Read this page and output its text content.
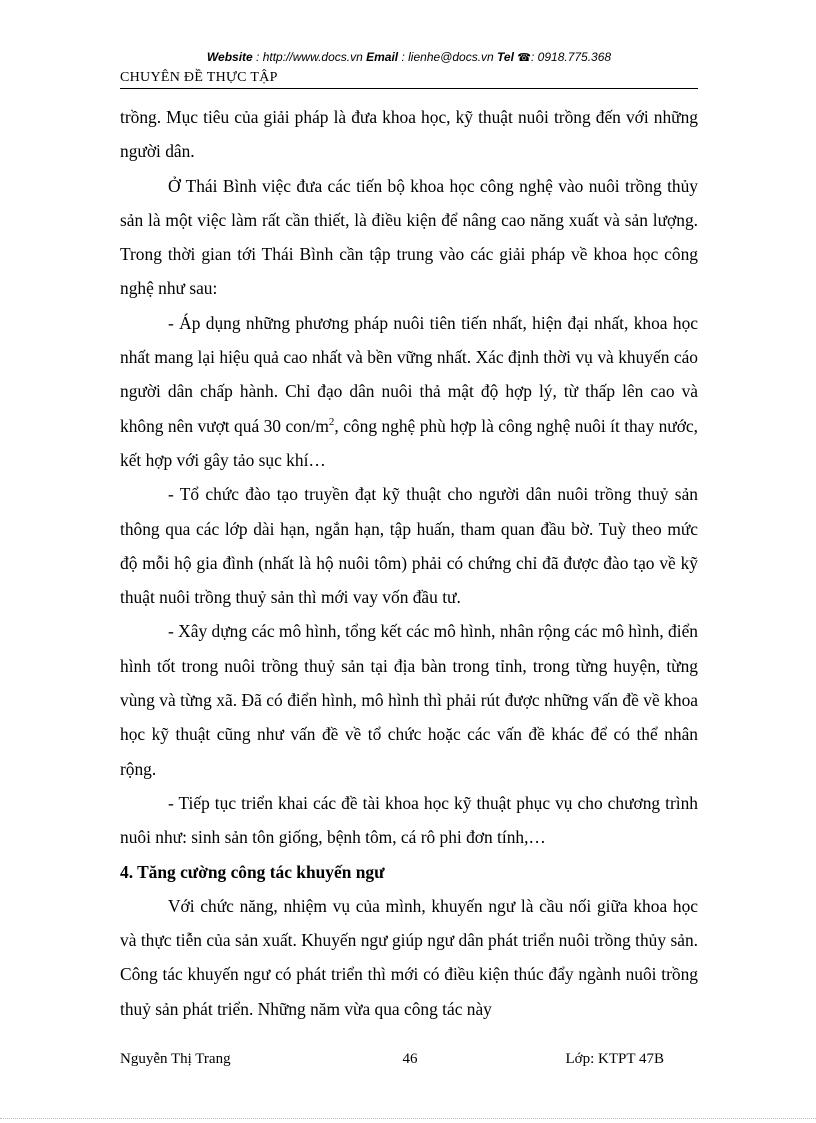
Website : http://www.docs.vn Email : lienhe@docs.vn Tel ☎: 0918.775.368
CHUYÊN ĐỀ THỰC TẬP

trồng. Mục tiêu của giải pháp là đưa khoa học, kỹ thuật nuôi trồng đến với những người dân.

Ở Thái Bình việc đưa các tiến bộ khoa học công nghệ vào nuôi trồng thủy sản là một việc làm rất cần thiết, là điều kiện để nâng cao năng xuất và sản lượng. Trong thời gian tới Thái Bình cần tập trung vào các giải pháp về khoa học công nghệ như sau:

- Áp dụng những phương pháp nuôi tiên tiến nhất, hiện đại nhất, khoa học nhất mang lại hiệu quả cao nhất và bền vững nhất. Xác định thời vụ và khuyến cáo người dân chấp hành. Chỉ đạo dân nuôi thả mật độ hợp lý, từ thấp lên cao và không nên vượt quá 30 con/$m^2$, công nghệ phù hợp là công nghệ nuôi ít thay nước, kết hợp với gây tảo sục khí…

- Tổ chức đào tạo truyền đạt kỹ thuật cho người dân nuôi trồng thuỷ sản thông qua các lớp dài hạn, ngắn hạn, tập huấn, tham quan đầu bờ. Tuỳ theo mức độ mỗi hộ gia đình (nhất là hộ nuôi tôm) phải có chứng chỉ đã được đào tạo về kỹ thuật nuôi trồng thuỷ sản thì mới vay vốn đầu tư.

- Xây dựng các mô hình, tổng kết các mô hình, nhân rộng các mô hình, điển hình tốt trong nuôi trồng thuỷ sản tại địa bàn trong tỉnh, trong từng huyện, từng vùng và từng xã. Đã có điển hình, mô hình thì phải rút được những vấn đề về khoa học kỹ thuật cũng như vấn đề về tổ chức hoặc các vấn đề khác để có thể nhân rộng.

- Tiếp tục triển khai các đề tài khoa học kỹ thuật phục vụ cho chương trình nuôi như: sinh sản tôn giống, bệnh tôm, cá rô phi đơn tính,…

4. Tăng cường công tác khuyến ngư

Với chức năng, nhiệm vụ của mình, khuyến ngư là cầu nối giữa khoa học và thực tiễn của sản xuất. Khuyến ngư giúp ngư dân phát triển nuôi trồng thủy sản. Công tác khuyến ngư có phát triển thì mới có điều kiện thúc đẩy ngành nuôi trồng thuỷ sản phát triển. Những năm vừa qua công tác này

Nguyễn Thị Trang	46	Lớp: KTPT 47B
